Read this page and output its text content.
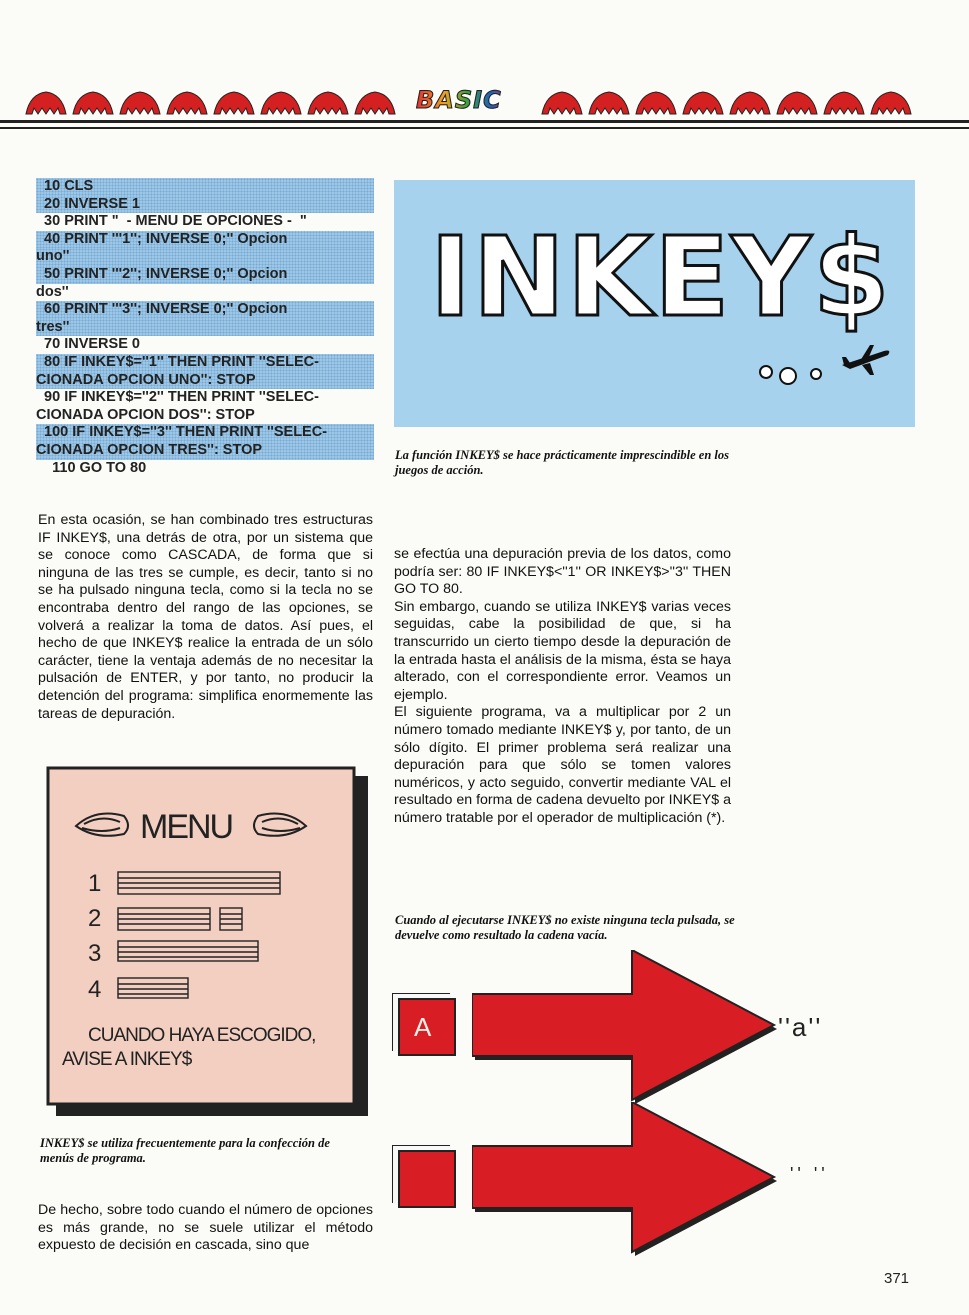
BASIC
10 CLS
20 INVERSE 1
30 PRINT "  - MENU DE OPCIONES -  "
40 PRINT '''1''; INVERSE 0;'' Opcion
uno''
50 PRINT '''2''; INVERSE 0;'' Opcion
dos''
60 PRINT '''3''; INVERSE 0;'' Opcion
tres''
70 INVERSE 0
80 IF INKEY$=''1'' THEN PRINT ''SELEC-
CIONADA OPCION UNO'': STOP
90 IF INKEY$=''2'' THEN PRINT ''SELEC-
CIONADA OPCION DOS'': STOP
100 IF INKEY$=''3'' THEN PRINT ''SELEC-
CIONADA OPCION TRES'': STOP
110 GO TO 80
En esta ocasión, se han combinado tres estructuras IF INKEY$, una detrás de otra, por un sistema que se conoce como CASCADA, de forma que si ninguna de las tres se cumple, es decir, tanto si no se ha pulsado ninguna tecla, como si la tecla no se encontraba dentro del rango de las opciones, se volverá a realizar la toma de datos. Así pues, el hecho de que INKEY$ realice la entrada de un sólo carácter, tiene la ventaja además de no necesitar la pulsación de ENTER, y por tanto, no producir la detención del programa: simplifica enormemente las tareas de depuración.
MENU
1
2
3
4
CUANDO HAYA ESCOGIDO,
AVISE A INKEY$
INKEY$ se utiliza frecuentemente para la confección de menús de programa.
De hecho, sobre todo cuando el número de opciones es más grande, no se suele utilizar el método expuesto de decisión en cascada, sino que
INKEY$
La función INKEY$ se hace prácticamente imprescindible en los juegos de acción.
se efectúa una depuración previa de los datos, como podría ser: 80 IF INKEY$<''1'' OR INKEY$>''3'' THEN GO TO 80.
Sin embargo, cuando se utiliza INKEY$ varias veces seguidas, cabe la posibilidad de que, si ha transcurrido un cierto tiempo desde la depuración de la entrada hasta el análisis de la misma, ésta se haya alterado, con el correspondiente error. Veamos un ejemplo.
El siguiente programa, va a multiplicar por 2 un número tomado mediante INKEY$ y, por tanto, de un sólo dígito. El primer problema será realizar una depuración para que sólo se tomen valores numéricos, y acto seguido, convertir mediante VAL el resultado en forma de cadena devuelto por INKEY$ a número tratable por el operador de multiplicación (*).
Cuando al ejecutarse INKEY$ no existe ninguna tecla pulsada, se devuelve como resultado la cadena vacía.
A	''a''
'' ''
371
